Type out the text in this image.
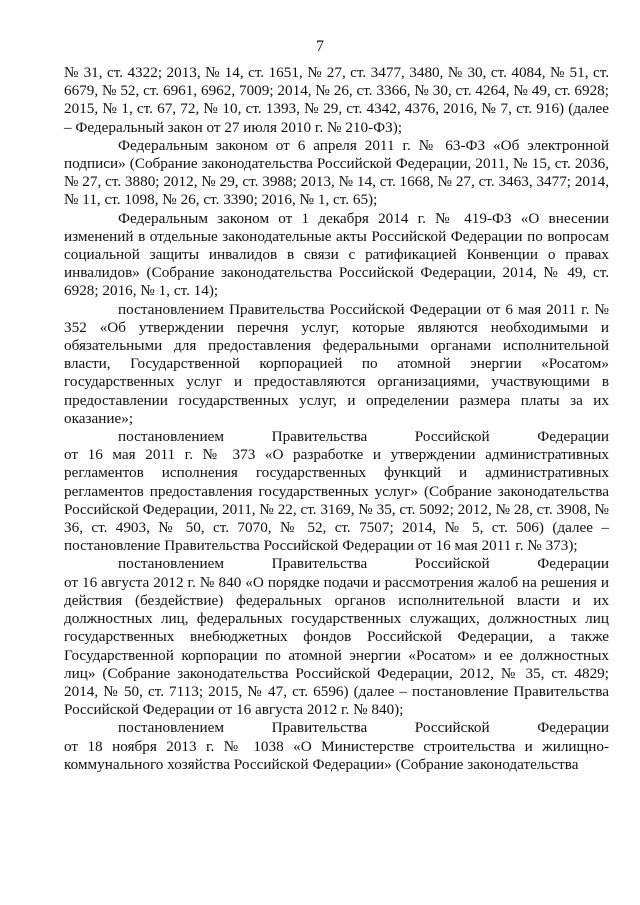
7

№ 31, ст. 4322; 2013, № 14, ст. 1651, № 27, ст. 3477, 3480, № 30, ст. 4084, № 51, ст. 6679, № 52, ст. 6961, 6962, 7009; 2014, № 26, ст. 3366, № 30, ст. 4264, № 49, ст. 6928; 2015, № 1, ст. 67, 72, № 10, ст. 1393, № 29, ст. 4342, 4376, 2016, № 7, ст. 916) (далее – Федеральный закон от 27 июля 2010 г. № 210-ФЗ);

Федеральным законом от 6 апреля 2011 г. № 63-ФЗ «Об электронной подписи» (Собрание законодательства Российской Федерации, 2011, № 15, ст. 2036, № 27, ст. 3880; 2012, № 29, ст. 3988; 2013, № 14, ст. 1668, № 27, ст. 3463, 3477; 2014, № 11, ст. 1098, № 26, ст. 3390; 2016, № 1, ст. 65);

Федеральным законом от 1 декабря 2014 г. № 419-ФЗ «О внесении изменений в отдельные законодательные акты Российской Федерации по вопросам социальной защиты инвалидов в связи с ратификацией Конвенции о правах инвалидов» (Собрание законодательства Российской Федерации, 2014, № 49, ст. 6928; 2016, № 1, ст. 14);

постановлением Правительства Российской Федерации от 6 мая 2011 г. № 352 «Об утверждении перечня услуг, которые являются необходимыми и обязательными для предоставления федеральными органами исполнительной власти, Государственной корпорацией по атомной энергии «Росатом» государственных услуг и предоставляются организациями, участвующими в предоставлении государственных услуг, и определении размера платы за их оказание»;

постановлением	Правительства	Российской	Федерации

от 16 мая 2011 г. № 373 «О разработке и утверждении административных регламентов исполнения государственных функций и административных регламентов предоставления государственных услуг» (Собрание законодательства Российской Федерации, 2011, № 22, ст. 3169, № 35, ст. 5092; 2012, № 28, ст. 3908, № 36, ст. 4903, № 50, ст. 7070, № 52, ст. 7507; 2014, № 5, ст. 506) (далее – постановление Правительства Российской Федерации от 16 мая 2011 г. № 373);

постановлением	Правительства	Российской	Федерации

от 16 августа 2012 г. № 840 «О порядке подачи и рассмотрения жалоб на решения и действия (бездействие) федеральных органов исполнительной власти и их должностных лиц, федеральных государственных служащих, должностных лиц государственных внебюджетных фондов Российской Федерации, а также Государственной корпорации по атомной энергии «Росатом» и ее должностных лиц» (Собрание законодательства Российской Федерации, 2012, № 35, ст. 4829; 2014, № 50, ст. 7113; 2015, № 47, ст. 6596) (далее – постановление Правительства Российской Федерации от 16 августа 2012 г. № 840);

постановлением	Правительства	Российской	Федерации

от 18 ноября 2013 г. № 1038 «О Министерстве строительства и жилищно-коммунального хозяйства Российской Федерации» (Собрание законодательства
